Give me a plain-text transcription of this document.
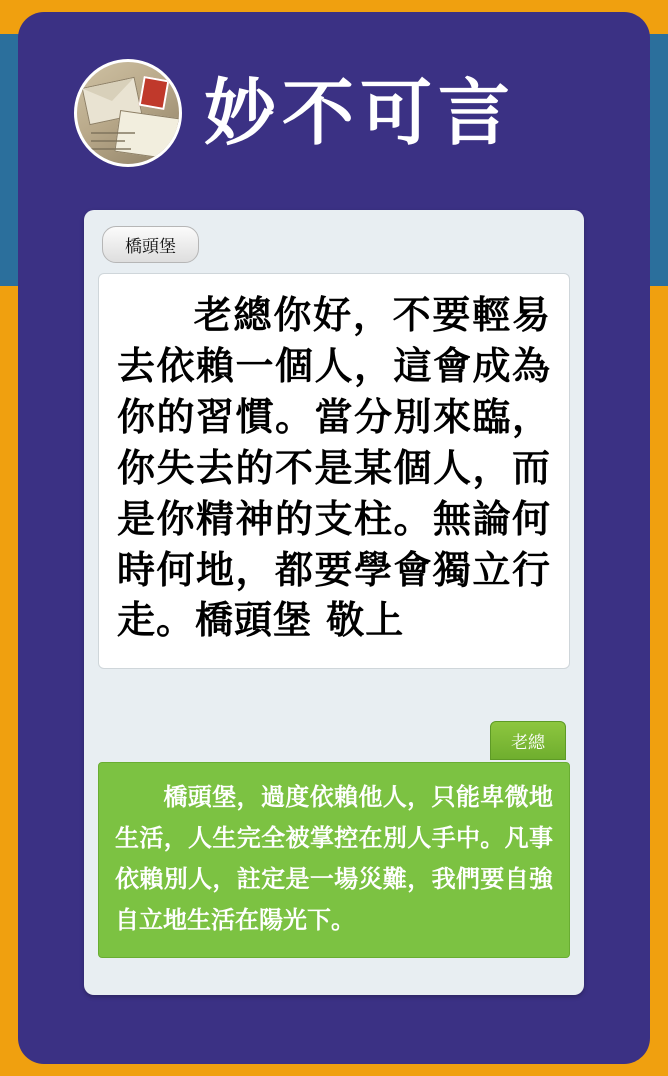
妙不可言
橋頭堡
老總你好，不要輕易去依賴一個人，這會成為你的習慣。當分別來臨，你失去的不是某個人，而是你精神的支柱。無論何時何地，都要學會獨立行走。橋頭堡 敬上
老總
橋頭堡，過度依賴他人，只能卑微地生活，人生完全被掌控在別人手中。凡事依賴別人，註定是一場災難，我們要自強自立地生活在陽光下。
